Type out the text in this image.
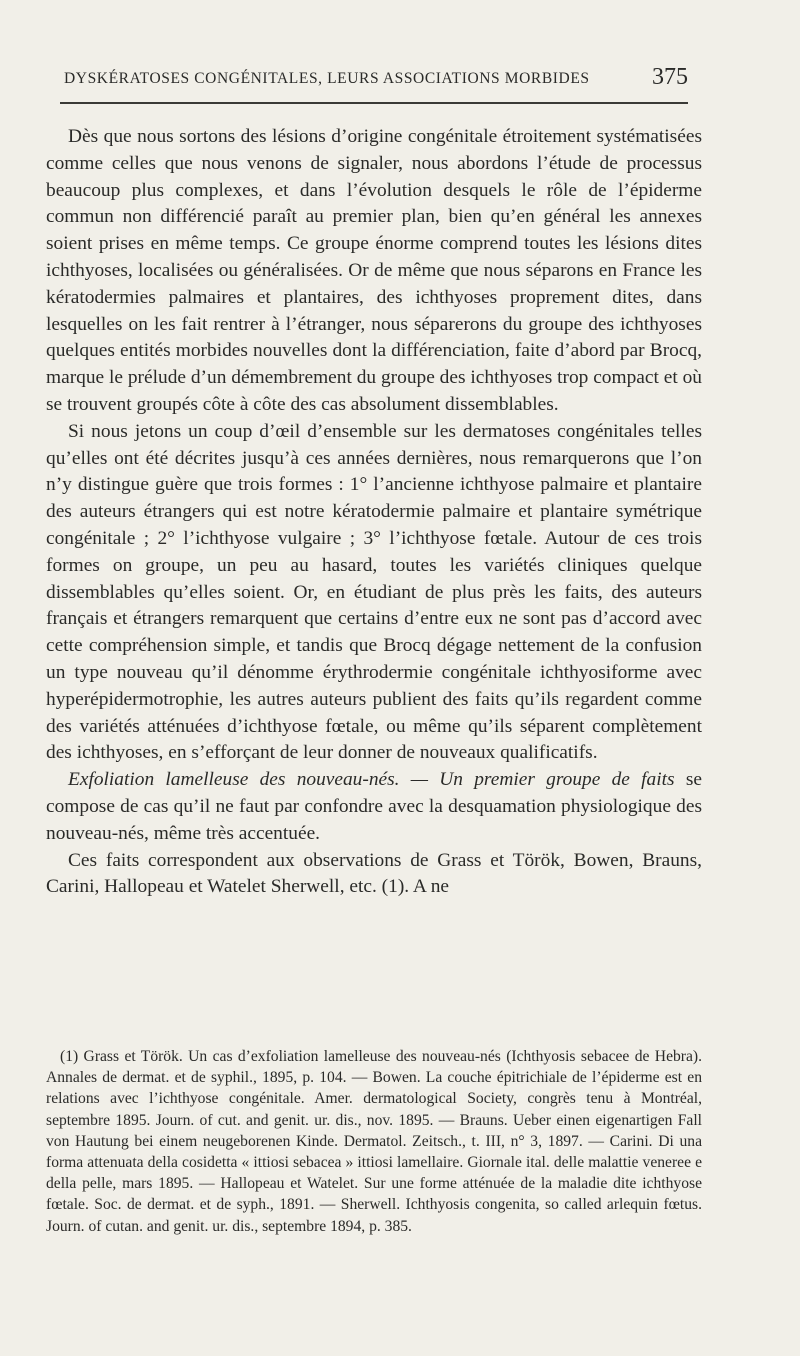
DYSKÉRATOSES CONGÉNITALES, LEURS ASSOCIATIONS MORBIDES	375

Dès que nous sortons des lésions d’origine congénitale étroitement systématisées comme celles que nous venons de signaler, nous abordons l’étude de processus beaucoup plus complexes, et dans l’évolution desquels le rôle de l’épiderme commun non différencié paraît au premier plan, bien qu’en général les annexes soient prises en même temps. Ce groupe énorme comprend toutes les lésions dites ichthyoses, localisées ou généralisées. Or de même que nous séparons en France les kératodermies palmaires et plantaires, des ichthyoses proprement dites, dans lesquelles on les fait rentrer à l’étranger, nous séparerons du groupe des ichthyoses quelques entités morbides nouvelles dont la différenciation, faite d’abord par Brocq, marque le prélude d’un démembrement du groupe des ichthyoses trop compact et où se trouvent groupés côte à côte des cas absolument dissemblables.

Si nous jetons un coup d’œil d’ensemble sur les dermatoses congénitales telles qu’elles ont été décrites jusqu’à ces années dernières, nous remarquerons que l’on n’y distingue guère que trois formes : 1° l’ancienne ichthyose palmaire et plantaire des auteurs étrangers qui est notre kératodermie palmaire et plantaire symétrique congénitale ; 2° l’ichthyose vulgaire ; 3° l’ichthyose fœtale. Autour de ces trois formes on groupe, un peu au hasard, toutes les variétés cliniques quelque dissemblables qu’elles soient. Or, en étudiant de plus près les faits, des auteurs français et étrangers remarquent que certains d’entre eux ne sont pas d’accord avec cette compréhension simple, et tandis que Brocq dégage nettement de la confusion un type nouveau qu’il dénomme érythrodermie congénitale ichthyosiforme avec hyperépidermotrophie, les autres auteurs publient des faits qu’ils regardent comme des variétés atténuées d’ichthyose fœtale, ou même qu’ils séparent complètement des ichthyoses, en s’efforçant de leur donner de nouveaux qualificatifs.

Exfoliation lamelleuse des nouveau-nés. — Un premier groupe de faits se compose de cas qu’il ne faut par confondre avec la desquamation physiologique des nouveau-nés, même très accentuée.

Ces faits correspondent aux observations de Grass et Török, Bowen, Brauns, Carini, Hallopeau et Watelet Sherwell, etc. (1). A ne

(1) Grass et Török. Un cas d’exfoliation lamelleuse des nouveau-nés (Ichthyosis sebacee de Hebra). Annales de dermat. et de syphil., 1895, p. 104. — Bowen. La couche épitrichiale de l’épiderme est en relations avec l’ichthyose congénitale. Amer. dermatological Society, congrès tenu à Montréal, septembre 1895. Journ. of cut. and genit. ur. dis., nov. 1895. — Brauns. Ueber einen eigenartigen Fall von Hautung bei einem neugeborenen Kinde. Dermatol. Zeitsch., t. III, n° 3, 1897. — Carini. Di una forma attenuata della cosidetta « ittiosi sebacea » ittiosi lamellaire. Giornale ital. delle malattie veneree e della pelle, mars 1895. — Hallopeau et Watelet. Sur une forme atténuée de la maladie dite ichthyose fœtale. Soc. de dermat. et de syph., 1891. — Sherwell. Ichthyosis congenita, so called arlequin fœtus. Journ. of cutan. and genit. ur. dis., septembre 1894, p. 385.
